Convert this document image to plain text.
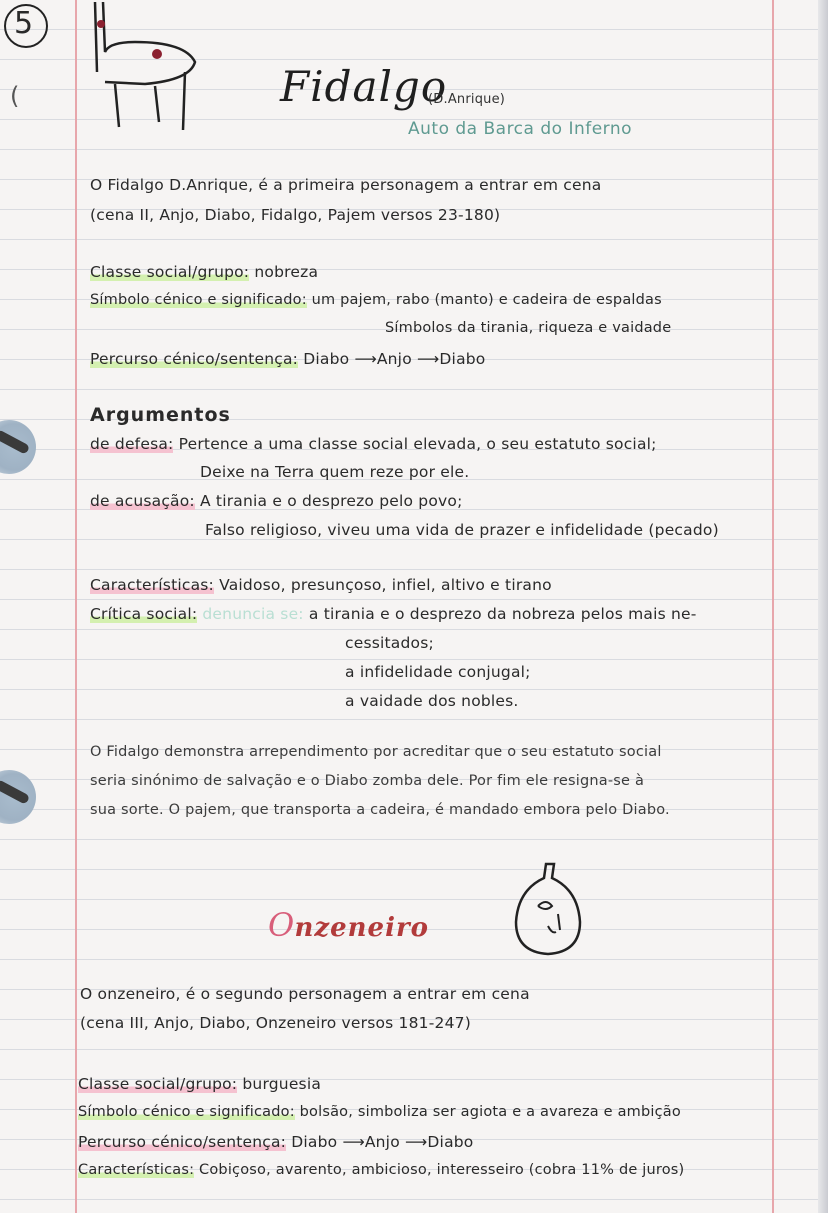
5
(	Fidalgo
(D.Anrique)
Auto da Barca do Inferno
O Fidalgo D.Anrique, é a primeira personagem a entrar em cena
(cena II, Anjo, Diabo, Fidalgo, Pajem versos 23-180)
Classe social/grupo: nobreza
Símbolo cénico e significado: um pajem, rabo (manto) e cadeira de espaldas
Símbolos da tirania, riqueza e vaidade
Percurso cénico/sentença: Diabo ⟶Anjo ⟶Diabo
Argumentos
de defesa: Pertence a uma classe social elevada, o seu estatuto social;
Deixe na Terra quem reze por ele.
de acusação: A tirania e o desprezo pelo povo;
Falso religioso, viveu uma vida de prazer e infidelidade (pecado)
Características: Vaidoso, presunçoso, infiel, altivo e tirano
Crítica social: denuncia se: a tirania e o desprezo da nobreza pelos mais ne-
cessitados;
a infidelidade conjugal;
a vaidade dos nobles.
O Fidalgo demonstra arrependimento por acreditar que o seu estatuto social
seria sinónimo de salvação e o Diabo zomba dele. Por fim ele resigna-se à
sua sorte. O pajem, que transporta a cadeira, é mandado embora pelo Diabo.
Onzeneiro
O onzeneiro, é o segundo personagem a entrar em cena
(cena III, Anjo, Diabo, Onzeneiro versos 181-247)
Classe social/grupo: burguesia
Símbolo cénico e significado: bolsão, simboliza ser agiota e a avareza e ambição
Percurso cénico/sentença: Diabo ⟶Anjo ⟶Diabo
Características: Cobiçoso, avarento, ambicioso, interesseiro (cobra 11% de juros)
